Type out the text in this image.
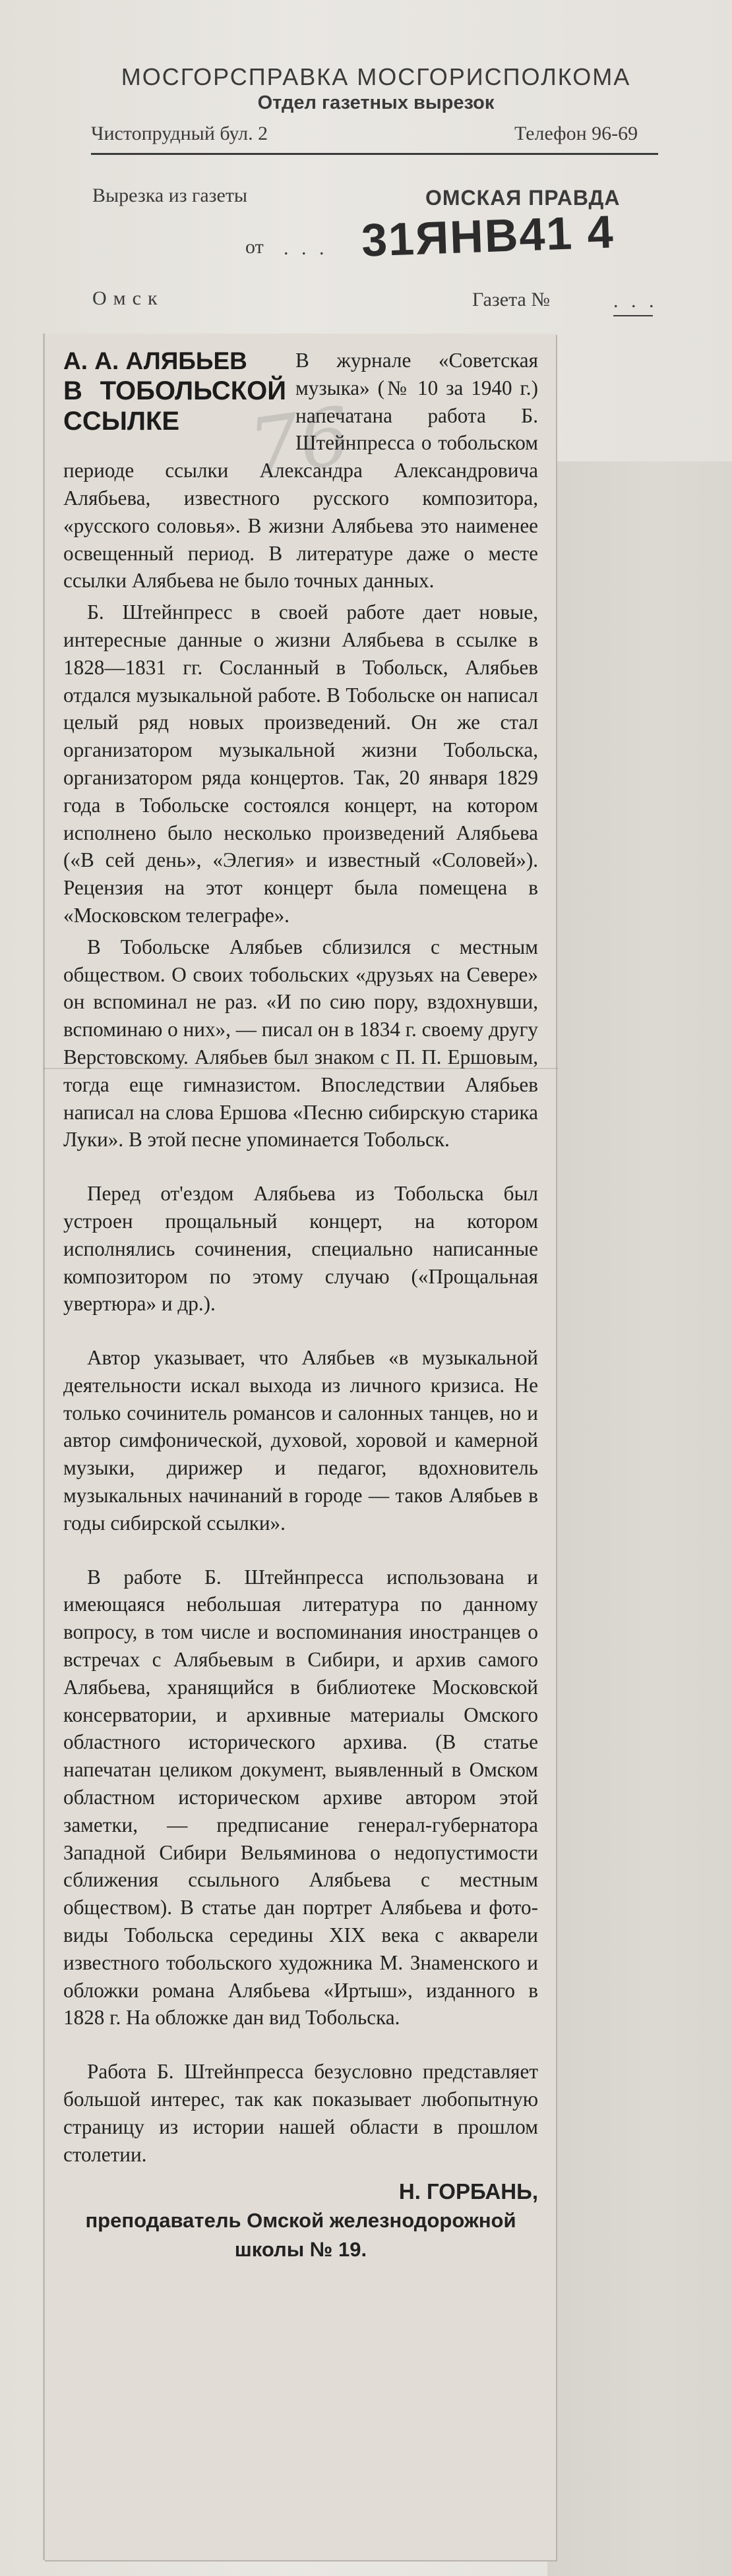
МОСГОРСПРАВКА МОСГОРИСПОЛКОМА
Отдел газетных вырезок
Чистопрудный бул. 2	Телефон 96-69
Вырезка из газеты	ОМСКАЯ ПРАВДА
от . . . 31ЯНВ41 4
Омск	Газета №	. . .
76
А. А. АЛЯБЬЕВ
В ТОБОЛЬСКОЙ ССЫЛКЕ

В журнале «Советская музыка» (№ 10 за 1940 г.) напечатана работа Б. Штейнпресса о тобольском периоде ссылки Александра Александровича Алябьева, известного русского композитора, «русского соловья». В жизни Алябьева это наименее освещенный период. В литературе даже о месте ссылки Алябьева не было точных данных.

Б. Штейнпресс в своей работе дает новые, интересные данные о жизни Алябьева в ссылке в 1828—1831 гг. Сосланный в Тобольск, Алябьев отдался музыкальной работе. В Тобольске он написал целый ряд новых произведений. Он же стал организатором музыкальной жизни Тобольска, организатором ряда концертов. Так, 20 января 1829 года в Тобольске состоялся концерт, на котором исполнено было несколько произведений Алябьева («В сей день», «Элегия» и известный «Соловей»). Рецензия на этот концерт была помещена в «Московском телеграфе».

В Тобольске Алябьев сблизился с местным обществом. О своих тобольских «друзьях на Севере» он вспоминал не раз. «И по сию пору, вздохнувши, вспоминаю о них», — писал он в 1834 г. своему другу Верстовскому. Алябьев был знаком с П. П. Ершовым, тогда еще гимназистом. Впоследствии Алябьев написал на слова Ершова «Песню сибирскую старика Луки». В этой песне упоминается Тобольск.

Перед от'ездом Алябьева из Тобольска был устроен прощальный концерт, на котором исполнялись сочинения, специально написанные композитором по этому случаю («Прощальная увертюра» и др.).

Автор указывает, что Алябьев «в музыкальной деятельности искал выхода из личного кризиса. Не только сочинитель романсов и салонных танцев, но и автор симфонической, духовой, хоровой и камерной музыки, дирижер и педагог, вдохновитель музыкальных начинаний в городе — таков Алябьев в годы сибирской ссылки».

В работе Б. Штейнпресса использована и имеющаяся небольшая литература по данному вопросу, в том числе и воспоминания иностранцев о встречах с Алябьевым в Сибири, и архив самого Алябьева, хранящийся в библиотеке Московской консерватории, и архивные материалы Омского областного исторического архива. (В статье напечатан целиком документ, выявленный в Омском областном историческом архиве автором этой заметки, — предписание генерал-губернатора Западной Сибири Вельяминова о недопустимости сближения ссыльного Алябьева с местным обществом). В статье дан портрет Алябьева и фото-виды Тобольска середины XIX века с акварели известного тобольского художника М. Знаменского и обложки романа Алябьева «Иртыш», изданного в 1828 г. На обложке дан вид Тобольска.

Работа Б. Штейнпресса безусловно представляет большой интерес, так как показывает любопытную страницу из истории нашей области в прошлом столетии.

Н. ГОРБАНЬ,
преподаватель Омской железнодорожной
школы № 19.
